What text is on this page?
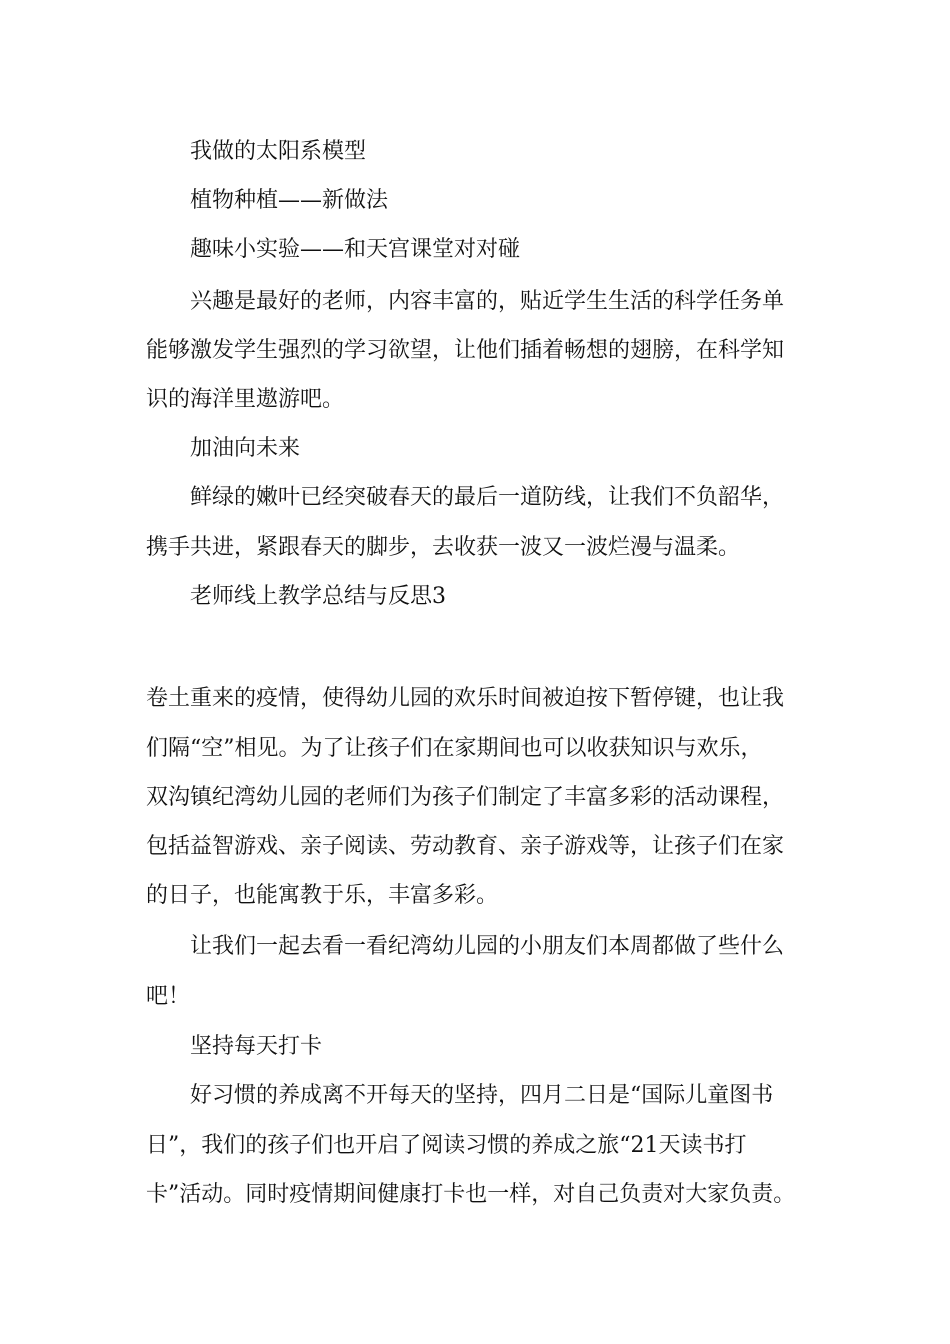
我做的太阳系模型

植物种植——新做法

趣味小实验——和天宫课堂对对碰

兴趣是最好的老师，内容丰富的，贴近学生生活的科学任务单

能够激发学生强烈的学习欲望，让他们插着畅想的翅膀，在科学知

识的海洋里遨游吧。

加油向未来

鲜绿的嫩叶已经突破春天的最后一道防线，让我们不负韶华，

携手共进，紧跟春天的脚步，去收获一波又一波烂漫与温柔。

老师线上教学总结与反思3

卷土重来的疫情，使得幼儿园的欢乐时间被迫按下暂停键，也让我

们隔“空”相见。为了让孩子们在家期间也可以收获知识与欢乐，

双沟镇纪湾幼儿园的老师们为孩子们制定了丰富多彩的活动课程，

包括益智游戏、亲子阅读、劳动教育、亲子游戏等，让孩子们在家

的日子，也能寓教于乐，丰富多彩。

让我们一起去看一看纪湾幼儿园的小朋友们本周都做了些什么

吧！

坚持每天打卡

好习惯的养成离不开每天的坚持，四月二日是“国际儿童图书

日”，我们的孩子们也开启了阅读习惯的养成之旅“21天读书打

卡”活动。同时疫情期间健康打卡也一样，对自己负责对大家负责。
